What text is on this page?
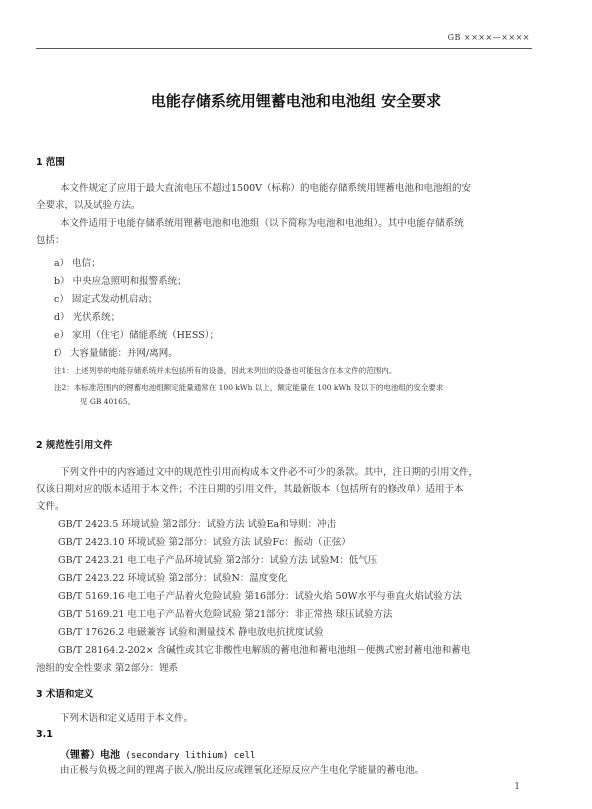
GB ××××—××××
电能存储系统用锂蓄电池和电池组 安全要求
1 范围
本文件规定了应用于最大直流电压不超过1500V（标称）的电能存储系统用锂蓄电池和电池组的安
全要求，以及试验方法。
本文件适用于电能存储系统用锂蓄电池和电池组（以下简称为电池和电池组）。其中电能存储系统
包括：
a） 电信；
b） 中央应急照明和报警系统；
c） 固定式发动机启动；
d） 光伏系统；
e） 家用（住宅）储能系统（HESS）；
f） 大容量储能：并网/离网。
注1：上述列举的电能存储系统并未包括所有的设备，因此未列出的设备也可能包含在本文件的范围内。
注2：本标准范围内的锂蓄电池组额定能量通常在 100 kWh 以上，额定能量在 100 kWh 及以下的电池组的安全要求
见 GB 40165。
2 规范性引用文件
下列文件中的内容通过文中的规范性引用而构成本文件必不可少的条款。其中，注日期的引用文件，
仅该日期对应的版本适用于本文件；不注日期的引用文件，其最新版本（包括所有的修改单）适用于本
文件。
GB/T 2423.5 环境试验 第2部分：试验方法 试验Ea和导则：冲击
GB/T 2423.10 环境试验 第2部分：试验方法 试验Fc：振动（正弦）
GB/T 2423.21 电工电子产品环境试验 第2部分：试验方法 试验M：低气压
GB/T 2423.22 环境试验 第2部分：试验N：温度变化
GB/T 5169.16 电工电子产品着火危险试验 第16部分：试验火焰 50W水平与垂直火焰试验方法
GB/T 5169.21 电工电子产品着火危险试验 第21部分：非正常热 球压试验方法
GB/T 17626.2 电磁兼容 试验和测量技术 静电放电抗扰度试验
GB/T 28164.2-202× 含碱性或其它非酸性电解质的蓄电池和蓄电池组－便携式密封蓄电池和蓄电
池组的安全性要求 第2部分：锂系
3 术语和定义
下列术语和定义适用于本文件。
3.1
（锂蓄）电池 (secondary lithium) cell
由正极与负极之间的锂离子嵌入/脱出反应或锂氧化还原反应产生电化学能量的蓄电池。
1
